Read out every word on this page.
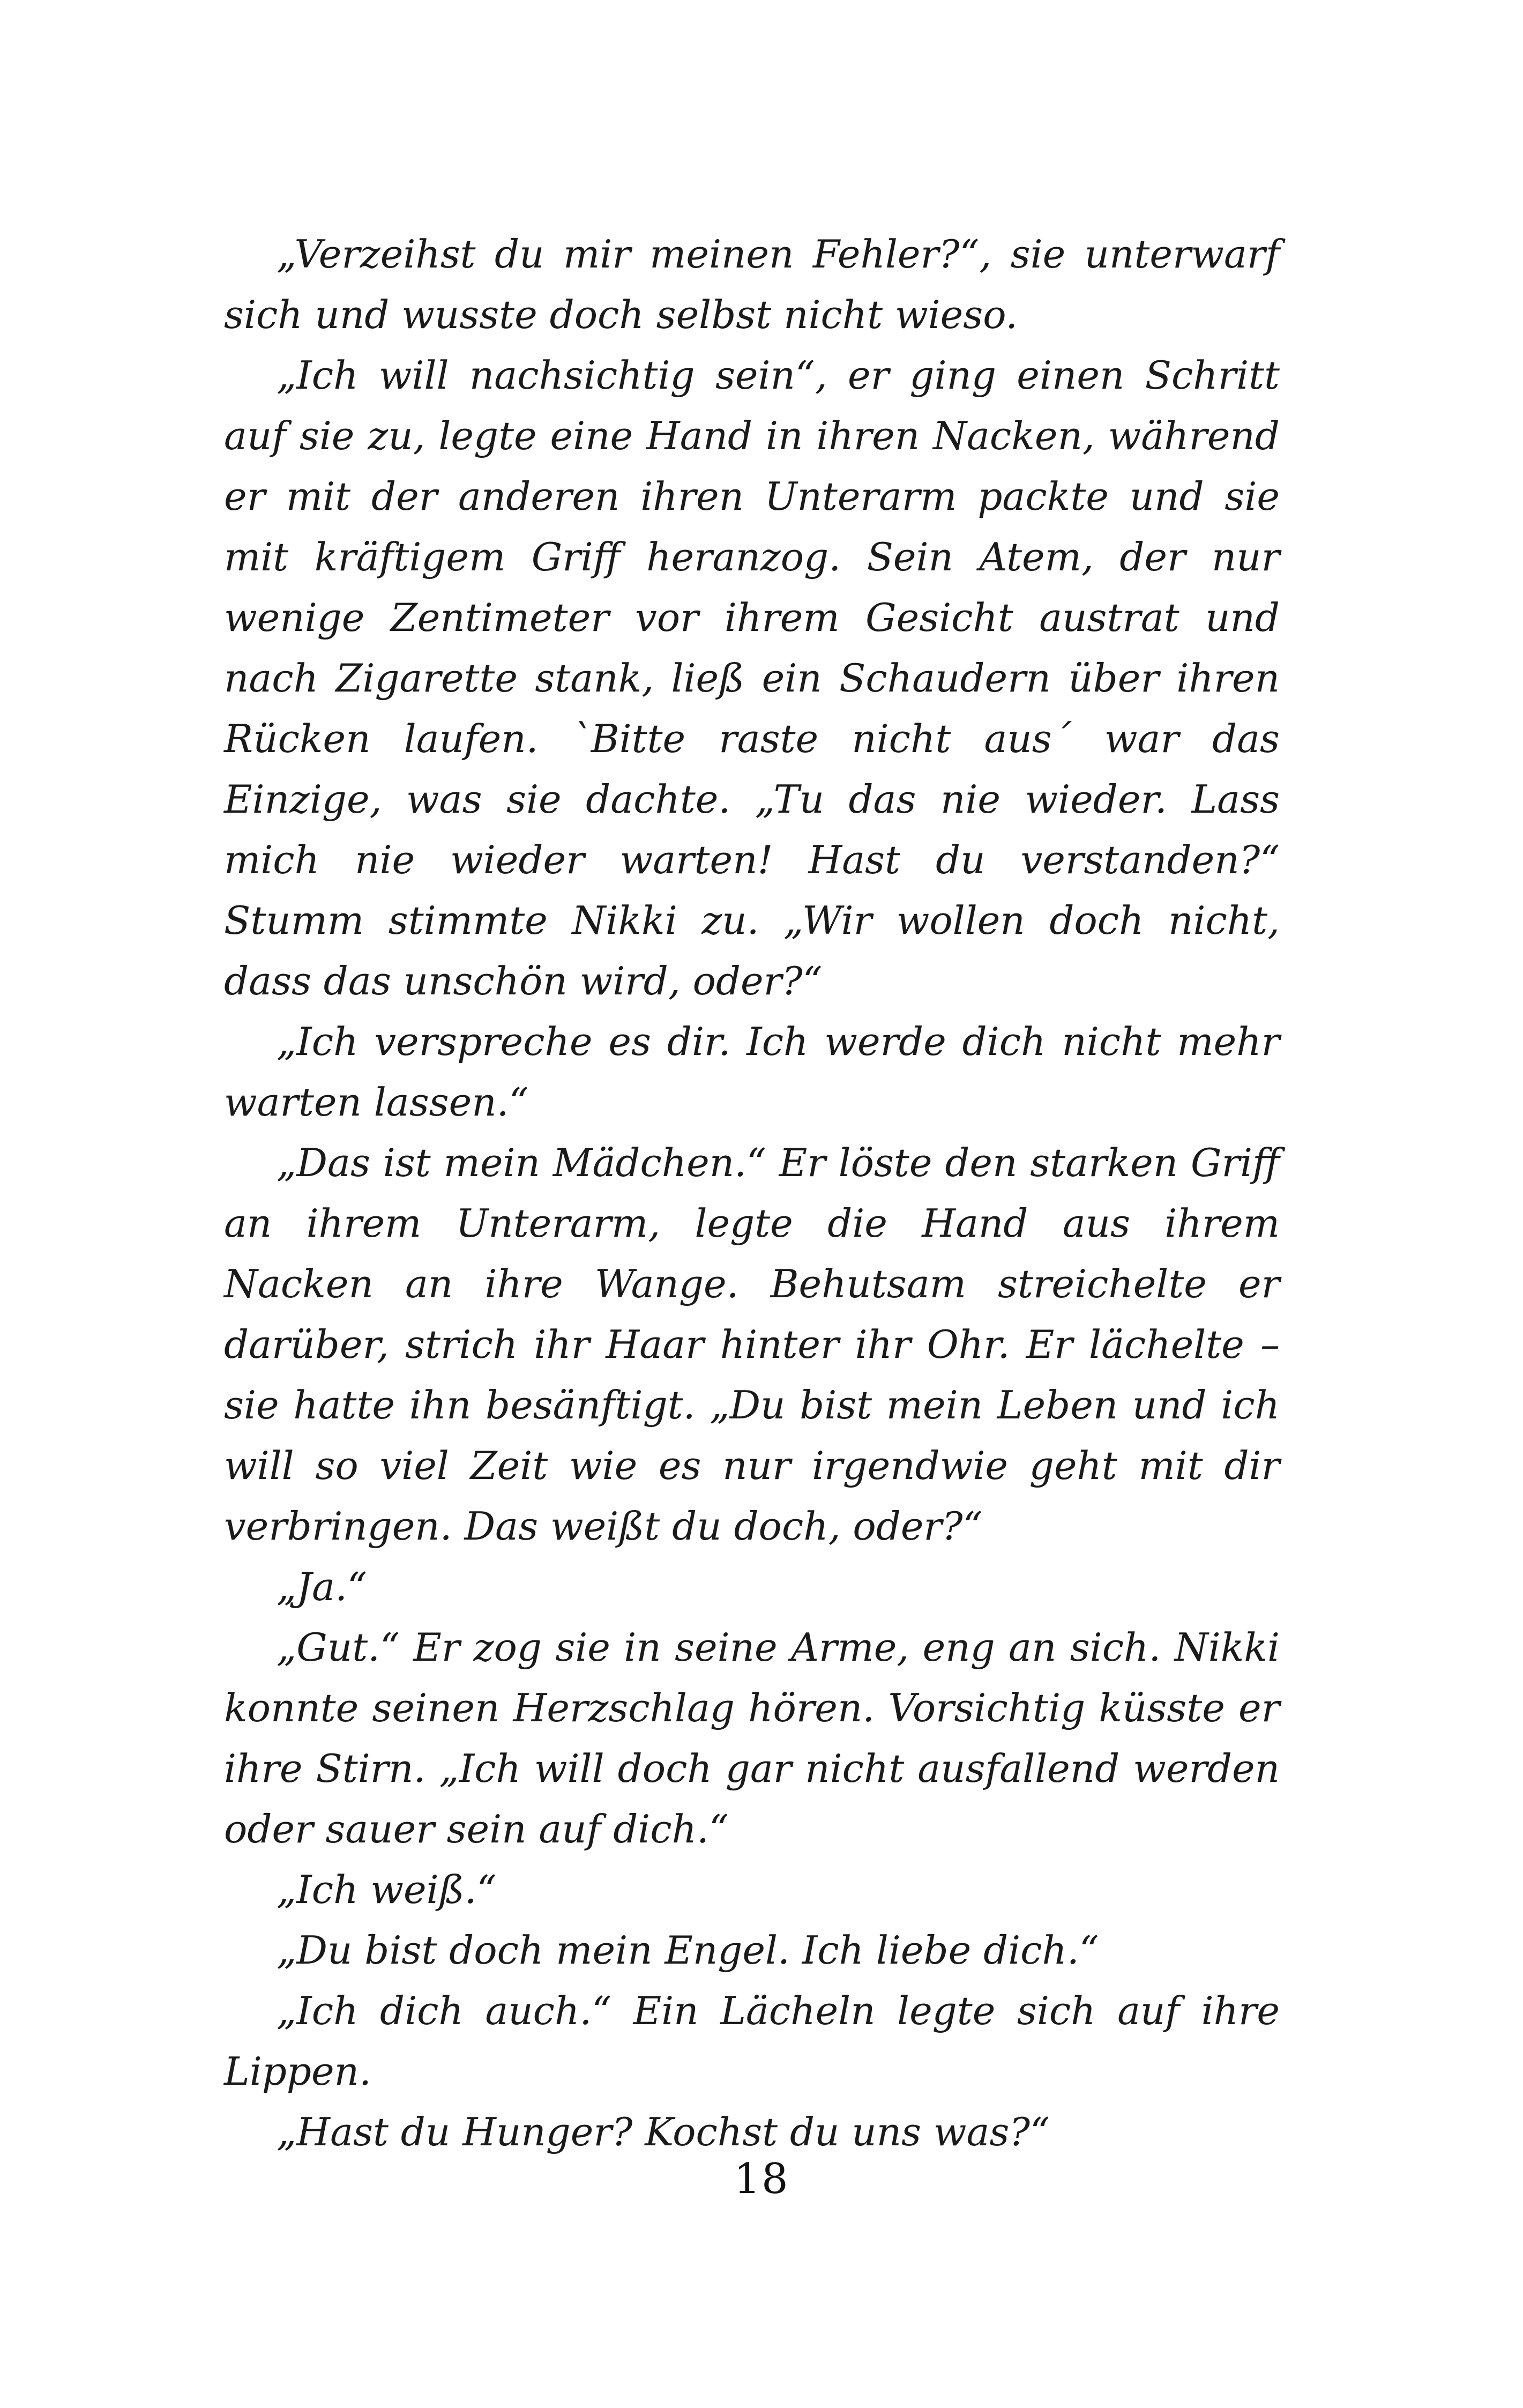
„Verzeihst du mir meinen Fehler?“, sie unterwarf sich und wusste doch selbst nicht wieso.

„Ich will nachsichtig sein“, er ging einen Schritt auf sie zu, legte eine Hand in ihren Nacken, während er mit der anderen ihren Unterarm packte und sie mit kräftigem Griff heranzog. Sein Atem, der nur wenige Zentimeter vor ihrem Gesicht austrat und nach Zigarette stank, ließ ein Schaudern über ihren Rücken laufen. `Bitte raste nicht aus´ war das Einzige, was sie dachte. „Tu das nie wieder. Lass mich nie wieder warten! Hast du verstanden?“ Stumm stimmte Nikki zu. „Wir wollen doch nicht, dass das unschön wird, oder?“

„Ich verspreche es dir. Ich werde dich nicht mehr warten lassen.“

„Das ist mein Mädchen.“ Er löste den starken Griff an ihrem Unterarm, legte die Hand aus ihrem Nacken an ihre Wange. Behutsam streichelte er darüber, strich ihr Haar hinter ihr Ohr. Er lächelte – sie hatte ihn besänftigt. „Du bist mein Leben und ich will so viel Zeit wie es nur irgendwie geht mit dir verbringen. Das weißt du doch, oder?“

„Ja.“

„Gut.“ Er zog sie in seine Arme, eng an sich. Nikki konnte seinen Herzschlag hören. Vorsichtig küsste er ihre Stirn. „Ich will doch gar nicht ausfallend werden oder sauer sein auf dich.“

„Ich weiß.“

„Du bist doch mein Engel. Ich liebe dich.“

„Ich dich auch.“ Ein Lächeln legte sich auf ihre Lippen.

„Hast du Hunger? Kochst du uns was?“

18
